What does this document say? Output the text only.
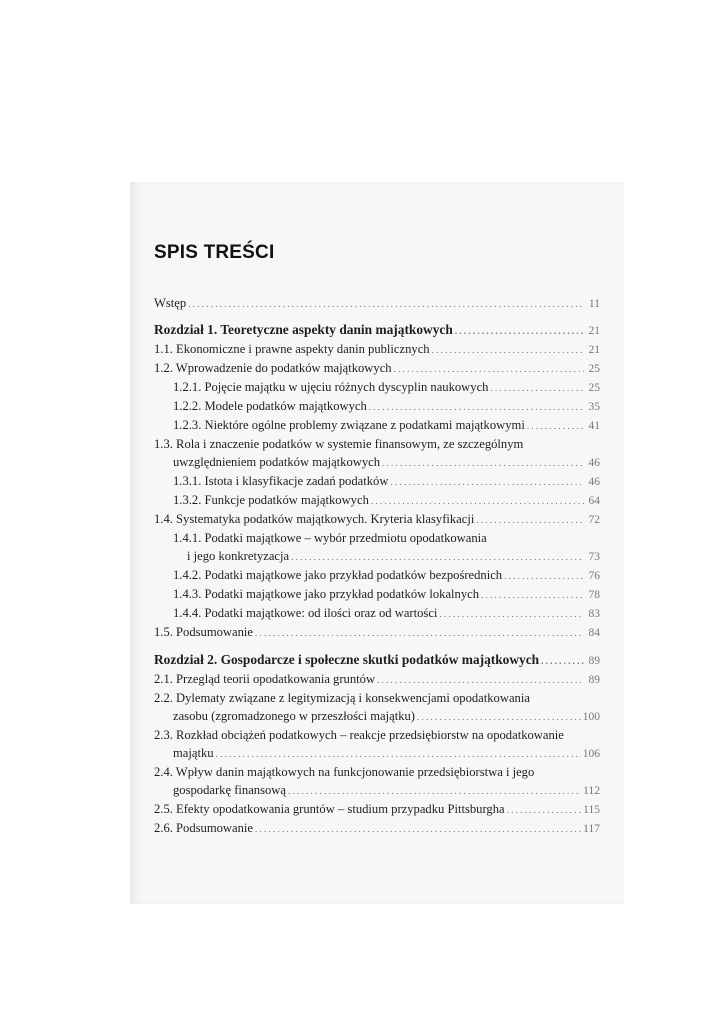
SPIS TREŚCI
Wstęp . . .	11
Rozdział 1. Teoretyczne aspekty danin majątkowych . . .	21
1.1. Ekonomiczne i prawne aspekty danin publicznych . . .	21
1.2. Wprowadzenie do podatków majątkowych . . .	25
1.2.1. Pojęcie majątku w ujęciu różnych dyscyplin naukowych . . .	25
1.2.2. Modele podatków majątkowych . . .	35
1.2.3. Niektóre ogólne problemy związane z podatkami majątkowymi . . .	41
1.3. Rola i znaczenie podatków w systemie finansowym, ze szczególnym
uwzględnieniem podatków majątkowych . . .	46
1.3.1. Istota i klasyfikacje zadań podatków . . .	46
1.3.2. Funkcje podatków majątkowych . . .	64
1.4. Systematyka podatków majątkowych. Kryteria klasyfikacji . . .	72
1.4.1. Podatki majątkowe – wybór przedmiotu opodatkowania
i jego konkretyzacja . . .	73
1.4.2. Podatki majątkowe jako przykład podatków bezpośrednich . . .	76
1.4.3. Podatki majątkowe jako przykład podatków lokalnych . . .	78
1.4.4. Podatki majątkowe: od ilości oraz od wartości . . .	83
1.5. Podsumowanie . . .	84
Rozdział 2. Gospodarcze i społeczne skutki podatków majątkowych . . .	89
2.1. Przegląd teorii opodatkowania gruntów . . .	89
2.2. Dylematy związane z legitymizacją i konsekwencjami opodatkowania
zasobu (zgromadzonego w przeszłości majątku) . . .	100
2.3. Rozkład obciążeń podatkowych – reakcje przedsiębiorstw na opodatkowanie
majątku . . .	106
2.4. Wpływ danin majątkowych na funkcjonowanie przedsiębiorstwa i jego
gospodarkę finansową . . .	112
2.5. Efekty opodatkowania gruntów – studium przypadku Pittsburgha . . .	115
2.6. Podsumowanie . . .	117
